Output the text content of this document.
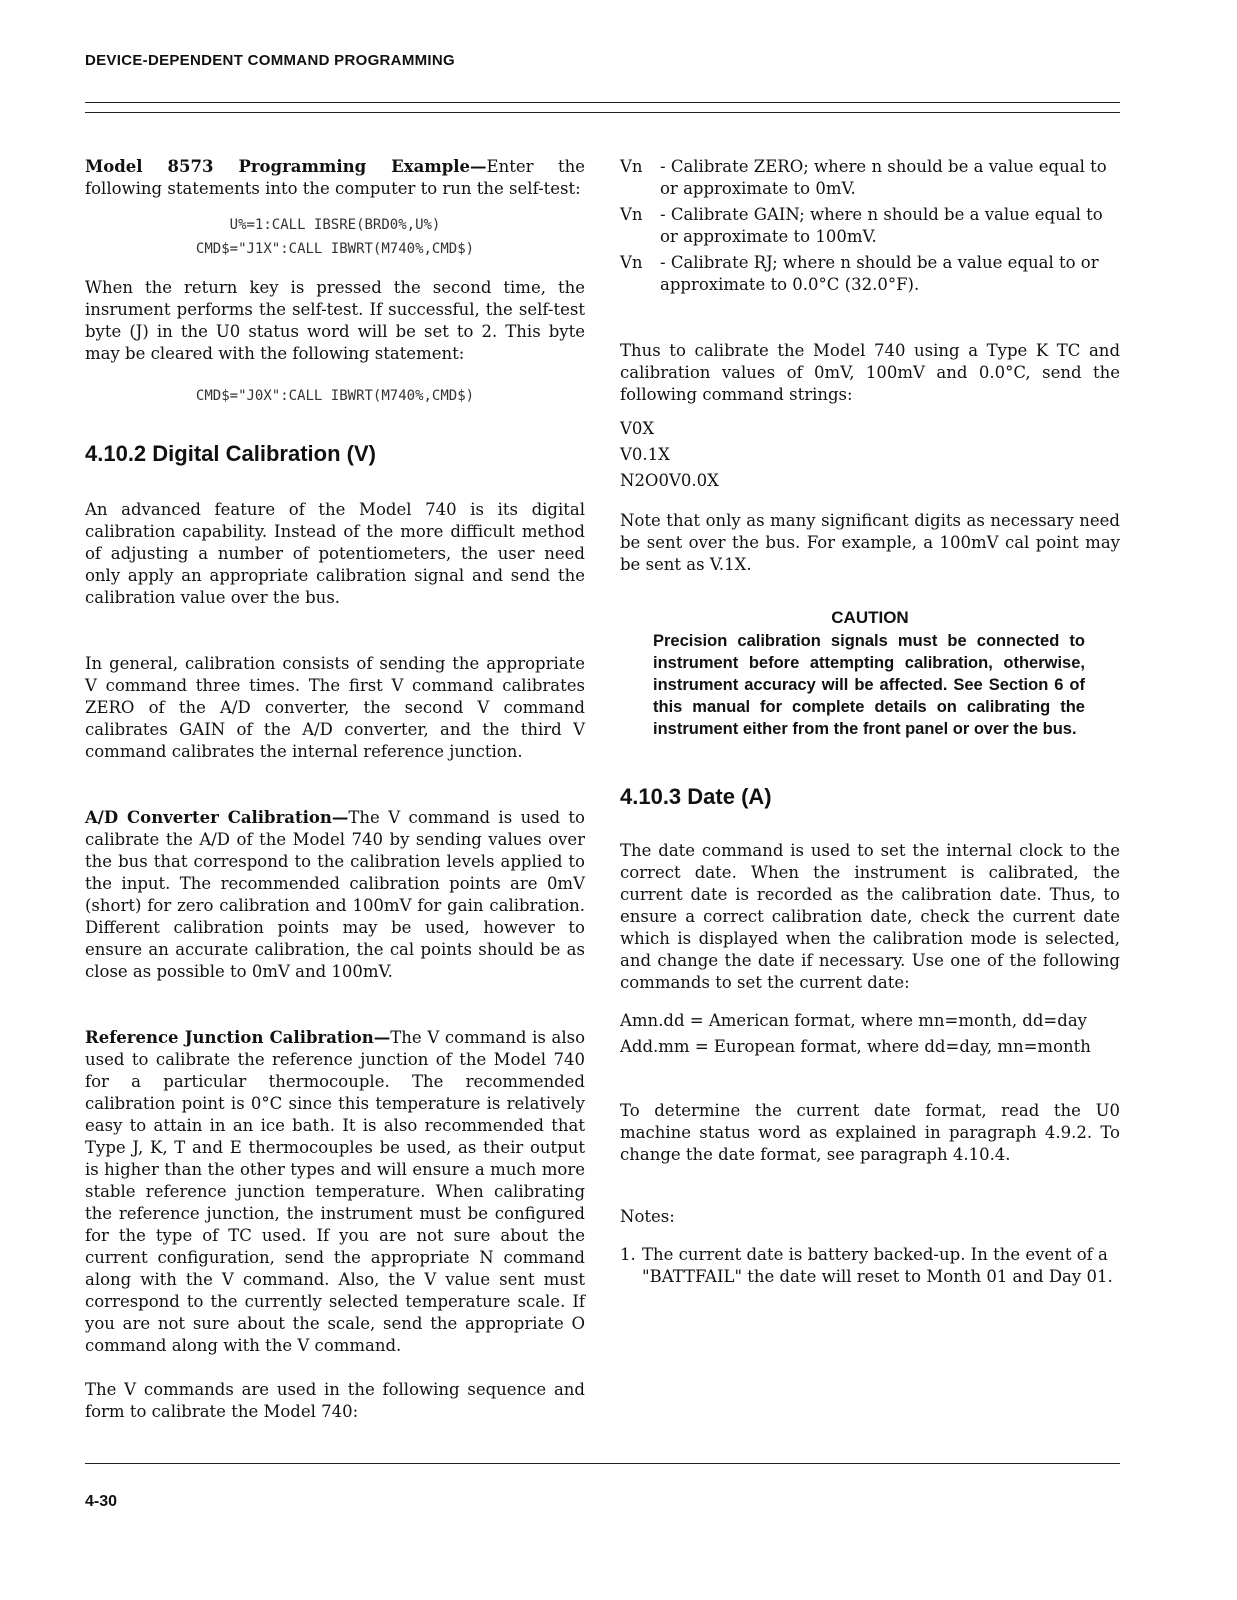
DEVICE-DEPENDENT COMMAND PROGRAMMING

Model 8573 Programming Example—Enter the following statements into the computer to run the self-test:

U%=1:CALL IBSRE(BRD0%,U%)
CMD$="J1X":CALL IBWRT(M740%,CMD$)

When the return key is pressed the second time, the insrument performs the self-test. If successful, the self-test byte (J) in the U0 status word will be set to 2. This byte may be cleared with the following statement:

CMD$="J0X":CALL IBWRT(M740%,CMD$)
4.10.2 Digital Calibration (V)

An advanced feature of the Model 740 is its digital calibration capability. Instead of the more difficult method of adjusting a number of potentiometers, the user need only apply an appropriate calibration signal and send the calibration value over the bus.

In general, calibration consists of sending the appropriate V command three times. The first V command calibrates ZERO of the A/D converter, the second V command calibrates GAIN of the A/D converter, and the third V command calibrates the internal reference junction.

A/D Converter Calibration—The V command is used to calibrate the A/D of the Model 740 by sending values over the bus that correspond to the calibration levels applied to the input. The recommended calibration points are 0mV (short) for zero calibration and 100mV for gain calibration. Different calibration points may be used, however to ensure an accurate calibration, the cal points should be as close as possible to 0mV and 100mV.

Reference Junction Calibration—The V command is also used to calibrate the reference junction of the Model 740 for a particular thermocouple. The recommended calibration point is 0°C since this temperature is relatively easy to attain in an ice bath. It is also recommended that Type J, K, T and E thermocouples be used, as their output is higher than the other types and will ensure a much more stable reference junction temperature. When calibrating the reference junction, the instrument must be configured for the type of TC used. If you are not sure about the current configuration, send the appropriate N command along with the V command. Also, the V value sent must correspond to the currently selected temperature scale. If you are not sure about the scale, send the appropriate O command along with the V command.

The V commands are used in the following sequence and form to calibrate the Model 740:

Vn	- Calibrate ZERO; where n should be a value equal to or approximate to 0mV.
Vn	- Calibrate GAIN; where n should be a value equal to or approximate to 100mV.
Vn	- Calibrate RJ; where n should be a value equal to or approximate to 0.0°C (32.0°F).

Thus to calibrate the Model 740 using a Type K TC and calibration values of 0mV, 100mV and 0.0°C, send the following command strings:

V0X
V0.1X
N2O0V0.0X

Note that only as many significant digits as necessary need be sent over the bus. For example, a 100mV cal point may be sent as V.1X.

CAUTION
Precision calibration signals must be connected to instrument before attempting calibration, otherwise, instrument accuracy will be affected. See Section 6 of this manual for complete details on calibrating the instrument either from the front panel or over the bus.
4.10.3 Date (A)

The date command is used to set the internal clock to the correct date. When the instrument is calibrated, the current date is recorded as the calibration date. Thus, to ensure a correct calibration date, check the current date which is displayed when the calibration mode is selected, and change the date if necessary. Use one of the following commands to set the current date:

Amn.dd = American format, where mn=month, dd=day
Add.mm = European format, where dd=day, mn=month

To determine the current date format, read the U0 machine status word as explained in paragraph 4.9.2. To change the date format, see paragraph 4.10.4.

Notes:

1. The current date is battery backed-up. In the event of a "BATTFAIL" the date will reset to Month 01 and Day 01.
4-30
